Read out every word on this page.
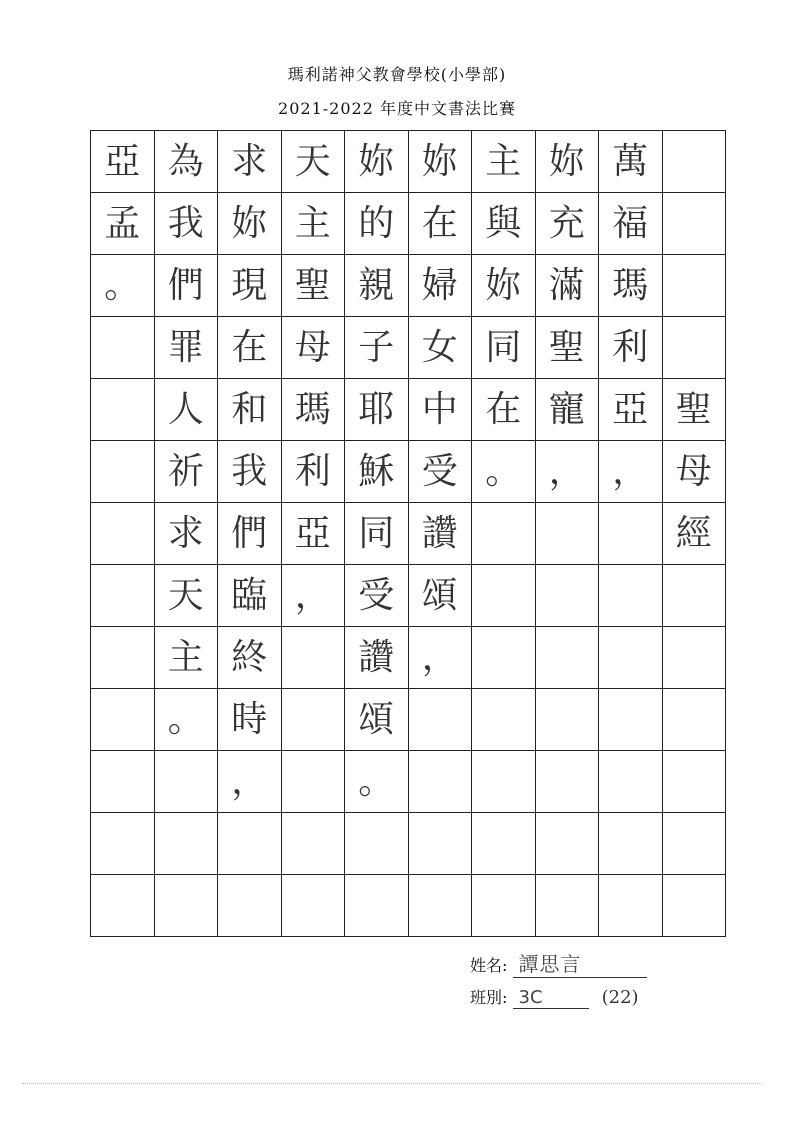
瑪利諾神父教會學校(小學部)
2021-2022 年度中文書法比賽
亞	為	求	天	妳	妳	主	妳	萬	
孟	我	妳	主	的	在	與	充	福	
。	們	現	聖	親	婦	妳	滿	瑪	
	罪	在	母	子	女	同	聖	利	
	人	和	瑪	耶	中	在	寵	亞	聖
	祈	我	利	穌	受	。	，	，	母
	求	們	亞	同	讚				經
	天	臨	，	受	頌				
	主	終		讚	，				
	。	時		頌					
		，		。					

姓名: 譚思言
班別: 3C	(22)
